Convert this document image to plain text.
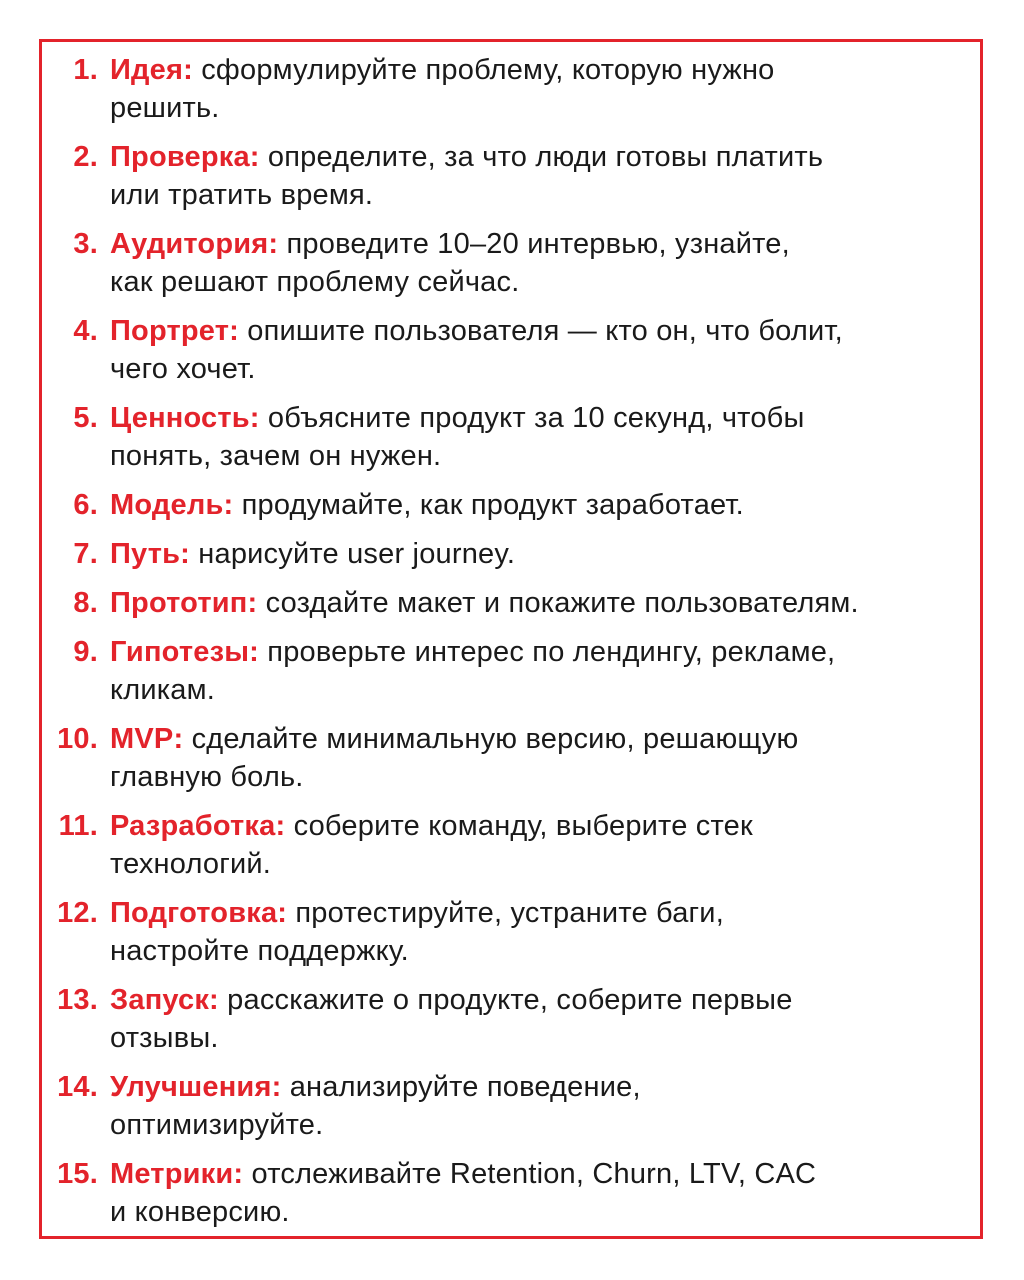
1. Идея: сформулируйте проблему, которую нужно
решить.
2. Проверка: определите, за что люди готовы платить
или тратить время.
3. Аудитория: проведите 10–20 интервью, узнайте,
как решают проблему сейчас.
4. Портрет: опишите пользователя — кто он, что болит,
чего хочет.
5. Ценность: объясните продукт за 10 секунд, чтобы
понять, зачем он нужен.
6. Модель: продумайте, как продукт заработает.
7. Путь: нарисуйте user journey.
8. Прототип: создайте макет и покажите пользователям.
9. Гипотезы: проверьте интерес по лендингу, рекламе,
кликам.
10. MVP: сделайте минимальную версию, решающую
главную боль.
11. Разработка: соберите команду, выберите стек
технологий.
12. Подготовка: протестируйте, устраните баги,
настройте поддержку.
13. Запуск: расскажите о продукте, соберите первые
отзывы.
14. Улучшения: анализируйте поведение,
оптимизируйте.
15. Метрики: отслеживайте Retention, Churn, LTV, CAC
и конверсию.
